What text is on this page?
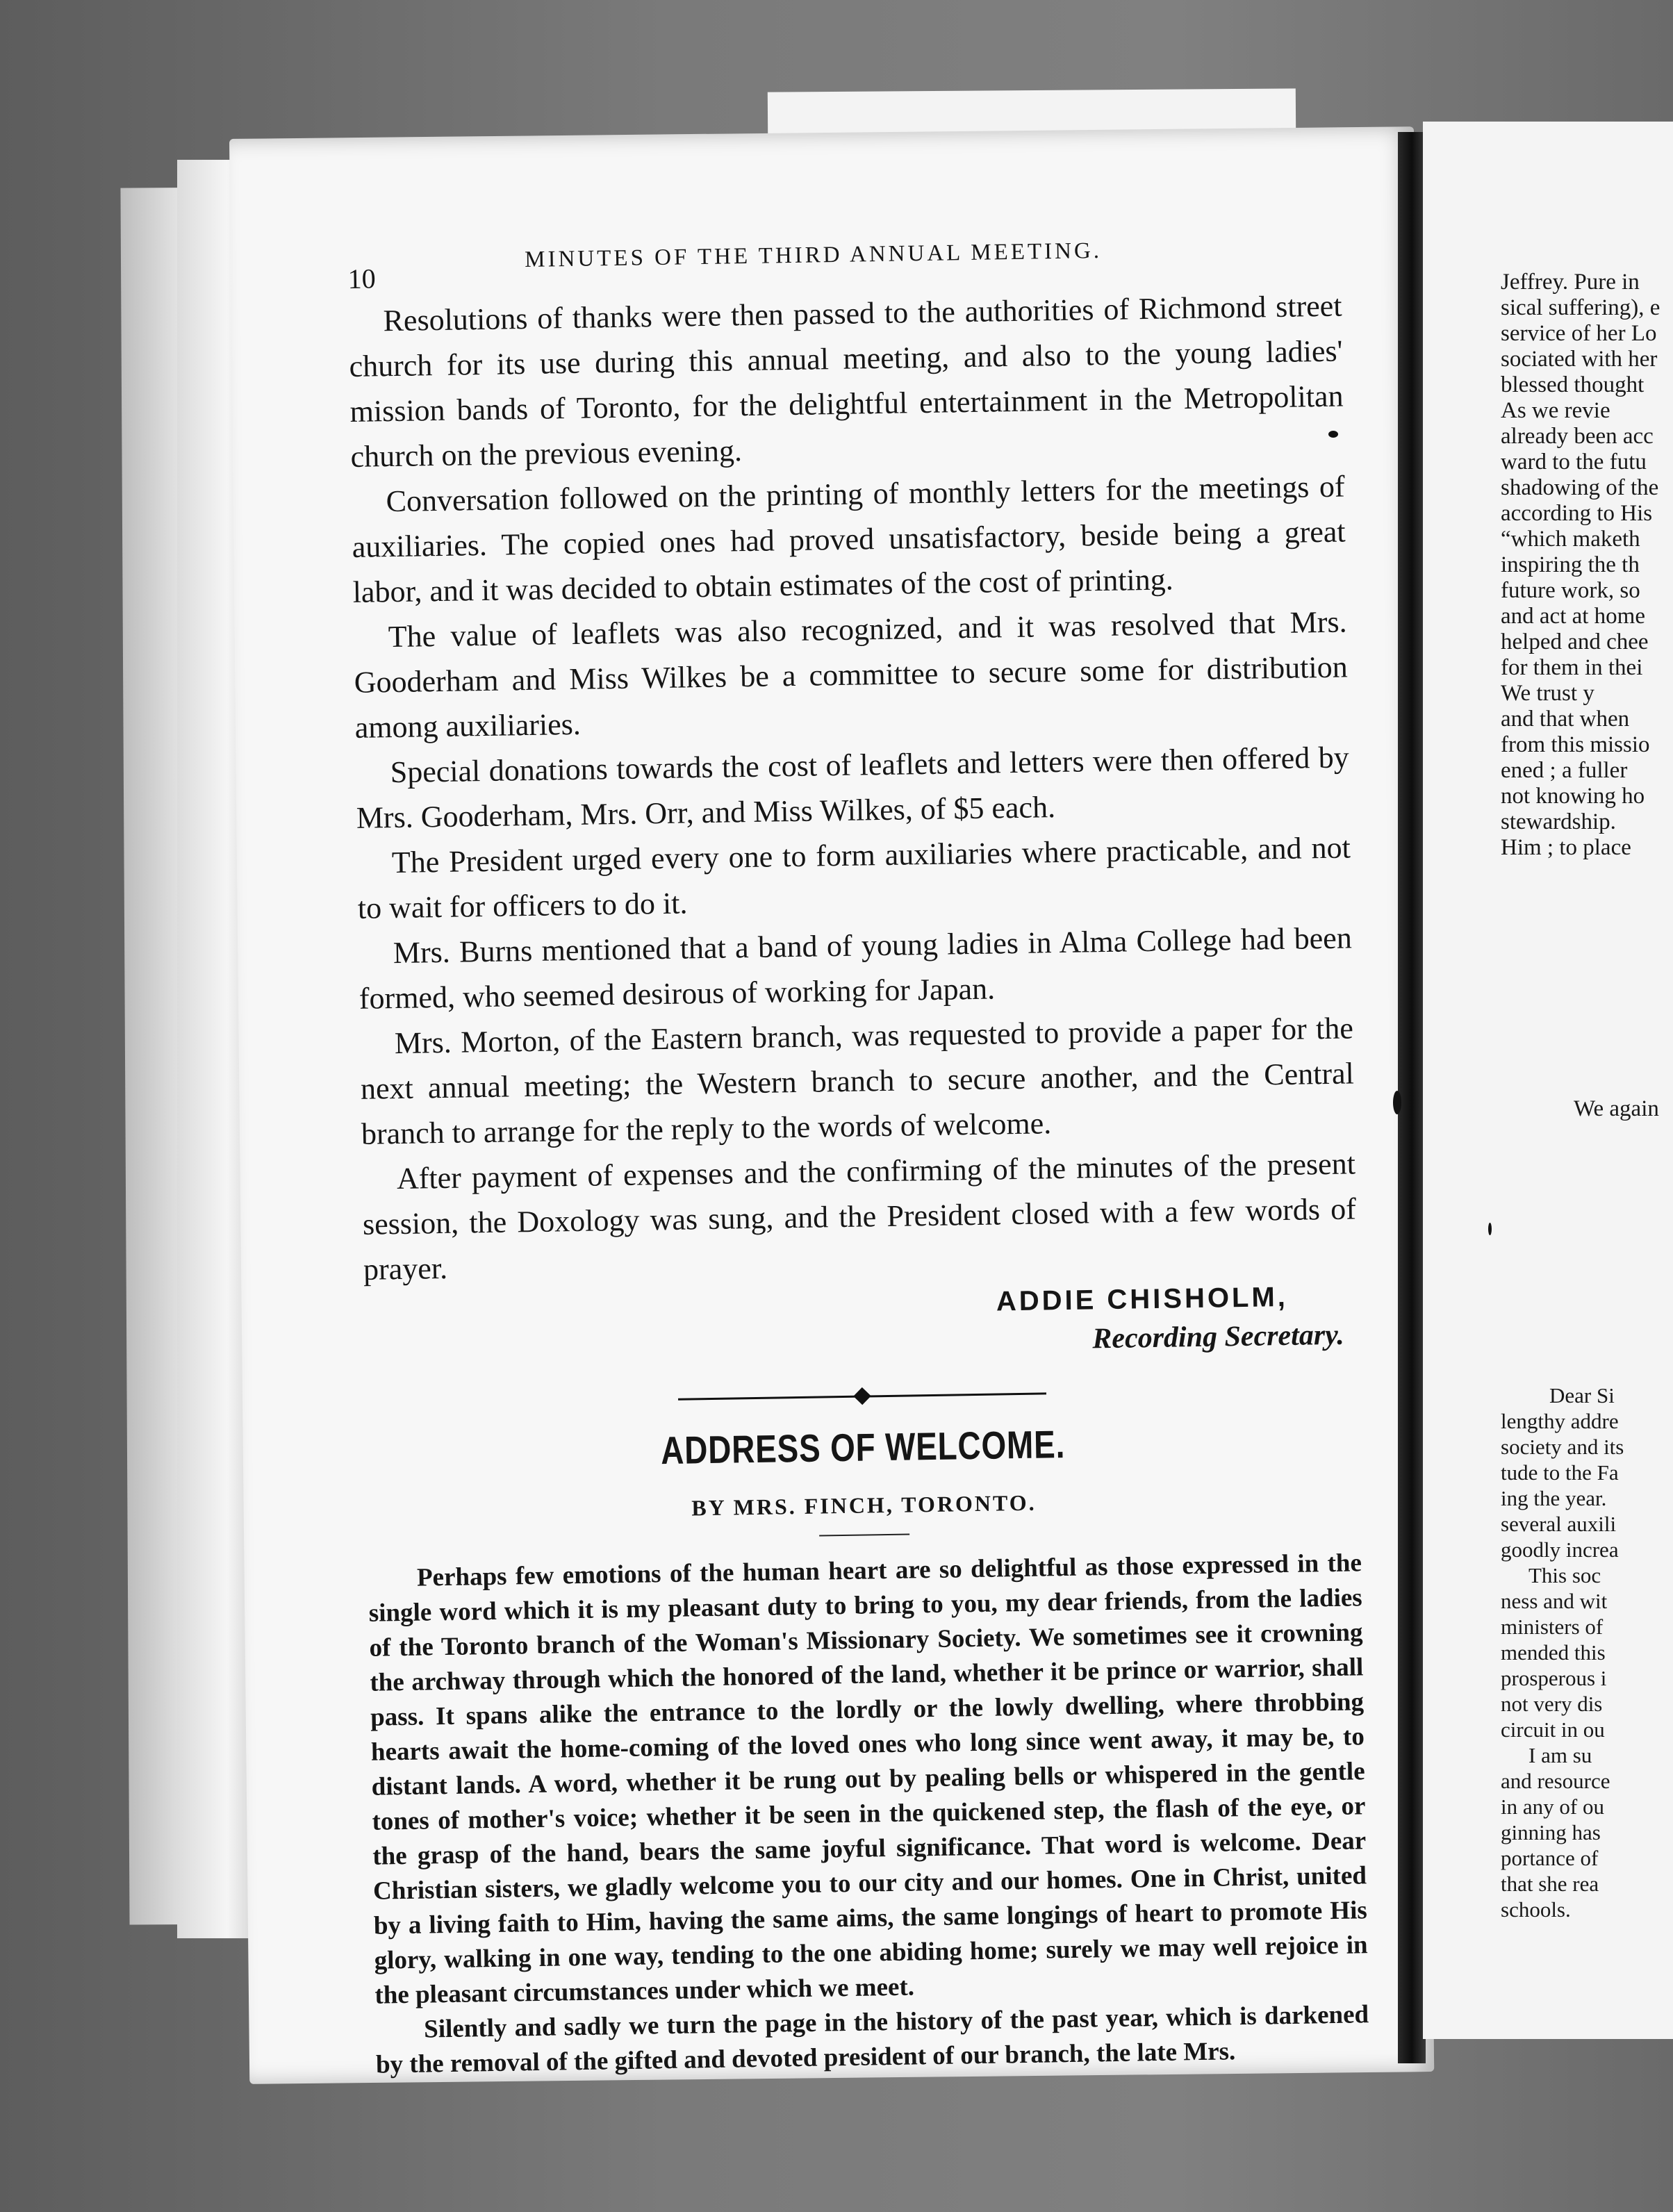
10
MINUTES OF THE THIRD ANNUAL MEETING.

Resolutions of thanks were then passed to the authorities of Richmond street church for its use during this annual meeting, and also to the young ladies' mission bands of Toronto, for the delightful entertainment in the Metropolitan church on the previous evening.

Conversation followed on the printing of monthly letters for the meetings of auxiliaries. The copied ones had proved unsatisfactory, beside being a great labor, and it was decided to obtain estimates of the cost of printing.

The value of leaflets was also recognized, and it was resolved that Mrs. Gooderham and Miss Wilkes be a committee to secure some for distribution among auxiliaries.

Special donations towards the cost of leaflets and letters were then offered by Mrs. Gooderham, Mrs. Orr, and Miss Wilkes, of $5 each.

The President urged every one to form auxiliaries where practicable, and not to wait for officers to do it.

Mrs. Burns mentioned that a band of young ladies in Alma College had been formed, who seemed desirous of working for Japan.

Mrs. Morton, of the Eastern branch, was requested to provide a paper for the next annual meeting; the Western branch to secure another, and the Central branch to arrange for the reply to the words of welcome.

After payment of expenses and the confirming of the minutes of the present session, the Doxology was sung, and the President closed with a few words of prayer.

ADDIE CHISHOLM,
Recording Secretary.
ADDRESS OF WELCOME.
BY MRS. FINCH, TORONTO.

Perhaps few emotions of the human heart are so delightful as those expressed in the single word which it is my pleasant duty to bring to you, my dear friends, from the ladies of the Toronto branch of the Woman's Missionary Society. We sometimes see it crowning the archway through which the honored of the land, whether it be prince or warrior, shall pass. It spans alike the entrance to the lordly or the lowly dwelling, where throbbing hearts await the home-coming of the loved ones who long since went away, it may be, to distant lands. A word, whether it be rung out by pealing bells or whispered in the gentle tones of mother's voice; whether it be seen in the quickened step, the flash of the eye, or the grasp of the hand, bears the same joyful significance. That word is welcome. Dear Christian sisters, we gladly welcome you to our city and our homes. One in Christ, united by a living faith to Him, having the same aims, the same longings of heart to promote His glory, walking in one way, tending to the one abiding home; surely we may well rejoice in the pleasant circumstances under which we meet.

Silently and sadly we turn the page in the history of the past year, which is darkened by the removal of the gifted and devoted president of our branch, the late Mrs.

Jeffrey. Pure in
sical suffering), e
service of her Lo
sociated with her
blessed thought
As we revie
already been acc
ward to the futu
shadowing of the
according to His
“which maketh
inspiring the th
future work, so
and act at home
helped and chee
for them in thei
We trust y
and that when
from this missio
ened ; a fuller
not knowing ho
stewardship.
Him ; to place
We again
Dear Si
lengthy addre
society and its
tude to the Fa
ing the year.
several auxili
goodly increa
This soc
ness and wit
ministers of
mended this
prosperous i
not very dis
circuit in ou
I am su
and resource
in any of ou
ginning has
portance of
that she rea
schools.
